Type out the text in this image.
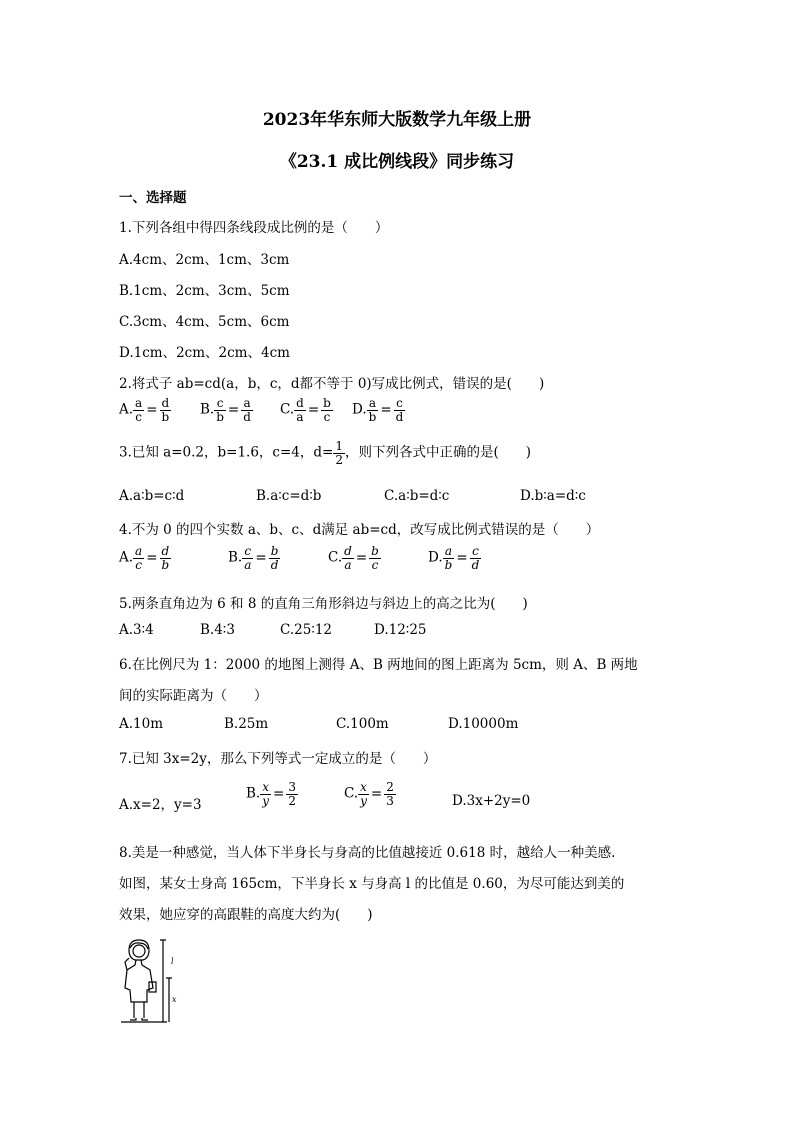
2023年华东师大版数学九年级上册
《23.1 成比例线段》同步练习
一、选择题
1.下列各组中得四条线段成比例的是（　　）
A.4cm、2cm、1cm、3cm
B.1cm、2cm、3cm、5cm
C.3cm、4cm、5cm、6cm
D.1cm、2cm、2cm、4cm
2.将式子 ab=cd(a，b，c，d都不等于 0)写成比例式，错误的是(　　)
A. $\frac{a}{c} = \frac{d}{b} B$. $\frac{c}{b} = \frac{a}{d} C$. $\frac{d}{a} = \frac{b}{c} D$. $\frac{a}{b} = \frac{c}{d}$
3.已知 a=0.2，b=1.6，c=4，$d= \frac{1}{2}$ ，则下列各式中正确的是(　　)
A.a∶b=c∶d	B.a∶c=d∶b	C.a∶b=d∶c	D.b∶a=d∶c
4.不为 0 的四个实数 a、b、c、d满足 ab=cd，改写成比例式错误的是（　　）
A. $\frac{a}{c} = \frac{d}{b}$	B. $\frac{c}{a} = \frac{b}{d}$	C. $\frac{d}{a} = \frac{b}{c}$	D. $\frac{a}{b} = \frac{c}{d}$
5.两条直角边为 6 和 8 的直角三角形斜边与斜边上的高之比为(　　)
A.3∶4	B.4∶3	C.25∶12	D.12∶25
6.在比例尺为 1：2000 的地图上测得 A、B 两地间的图上距离为 5cm，则 A、B 两地
间的实际距离为（　　）
A.10m	B.25m	C.100m	D.10000m
7.已知 3x=2y，那么下列等式一定成立的是（　　）
A.x=2，y=3
B. $\frac{x}{y} = \frac{3}{2}$	C. $\frac{x}{y} = \frac{2}{3}$	D.3x+2y=0
8.美是一种感觉，当人体下半身长与身高的比值越接近 0.618 时，越给人一种美感.
如图，某女士身高 165cm，下半身长 x 与身高 l 的比值是 0.60，为尽可能达到美的
效果，她应穿的高跟鞋的高度大约为(　　)
l
x
